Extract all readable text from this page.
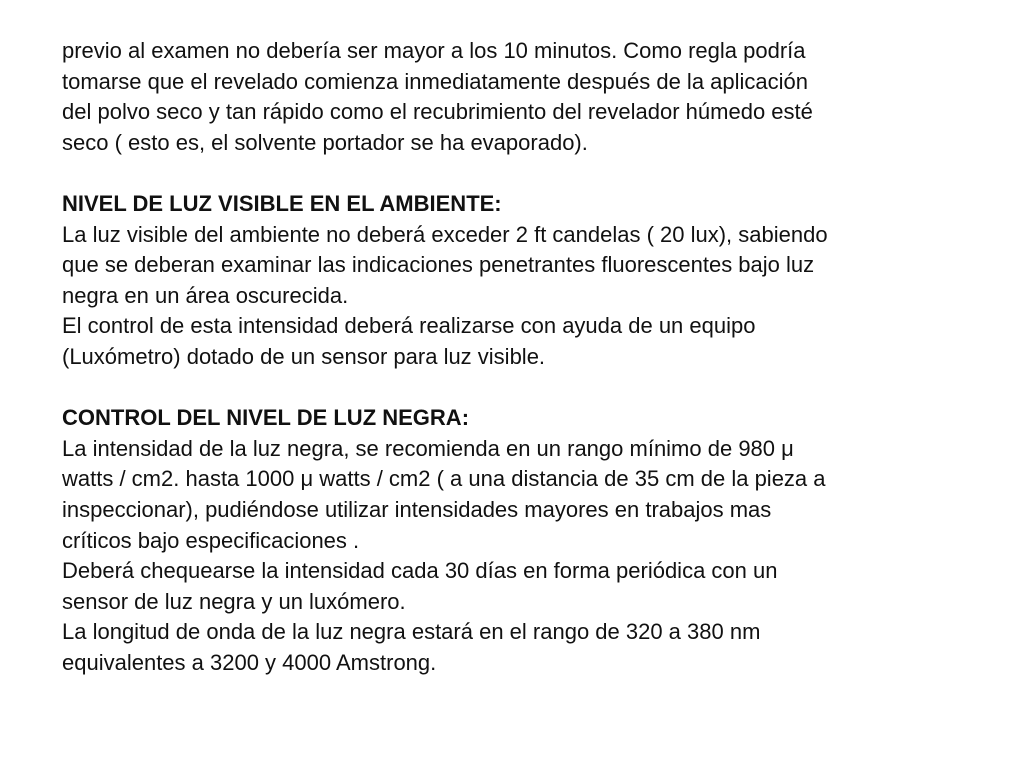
previo al examen no debería ser mayor a los 10 minutos. Como regla podría
tomarse que el revelado comienza inmediatamente después de la aplicación
del polvo seco y tan rápido como el recubrimiento del revelador húmedo esté
seco ( esto es, el solvente portador se ha evaporado).
NIVEL DE LUZ VISIBLE EN EL AMBIENTE:
La luz visible del ambiente no deberá exceder 2 ft candelas ( 20 lux), sabiendo
que se deberan examinar las indicaciones penetrantes fluorescentes bajo luz
negra en un área oscurecida.
El control de esta intensidad deberá realizarse con ayuda de un equipo
(Luxómetro) dotado de un sensor para luz visible.
CONTROL DEL NIVEL DE LUZ NEGRA:
La intensidad de la luz negra, se recomienda en un rango mínimo de 980 μ
watts / cm2. hasta 1000 μ watts / cm2 ( a una distancia de 35 cm de la pieza a
inspeccionar), pudiéndose utilizar intensidades mayores en trabajos mas
críticos bajo especificaciones .
Deberá chequearse la intensidad cada 30 días en forma periódica con un
sensor de luz negra y un luxómero.
La longitud de onda de la luz negra estará en el rango de 320 a 380 nm
equivalentes a 3200 y 4000 Amstrong.
